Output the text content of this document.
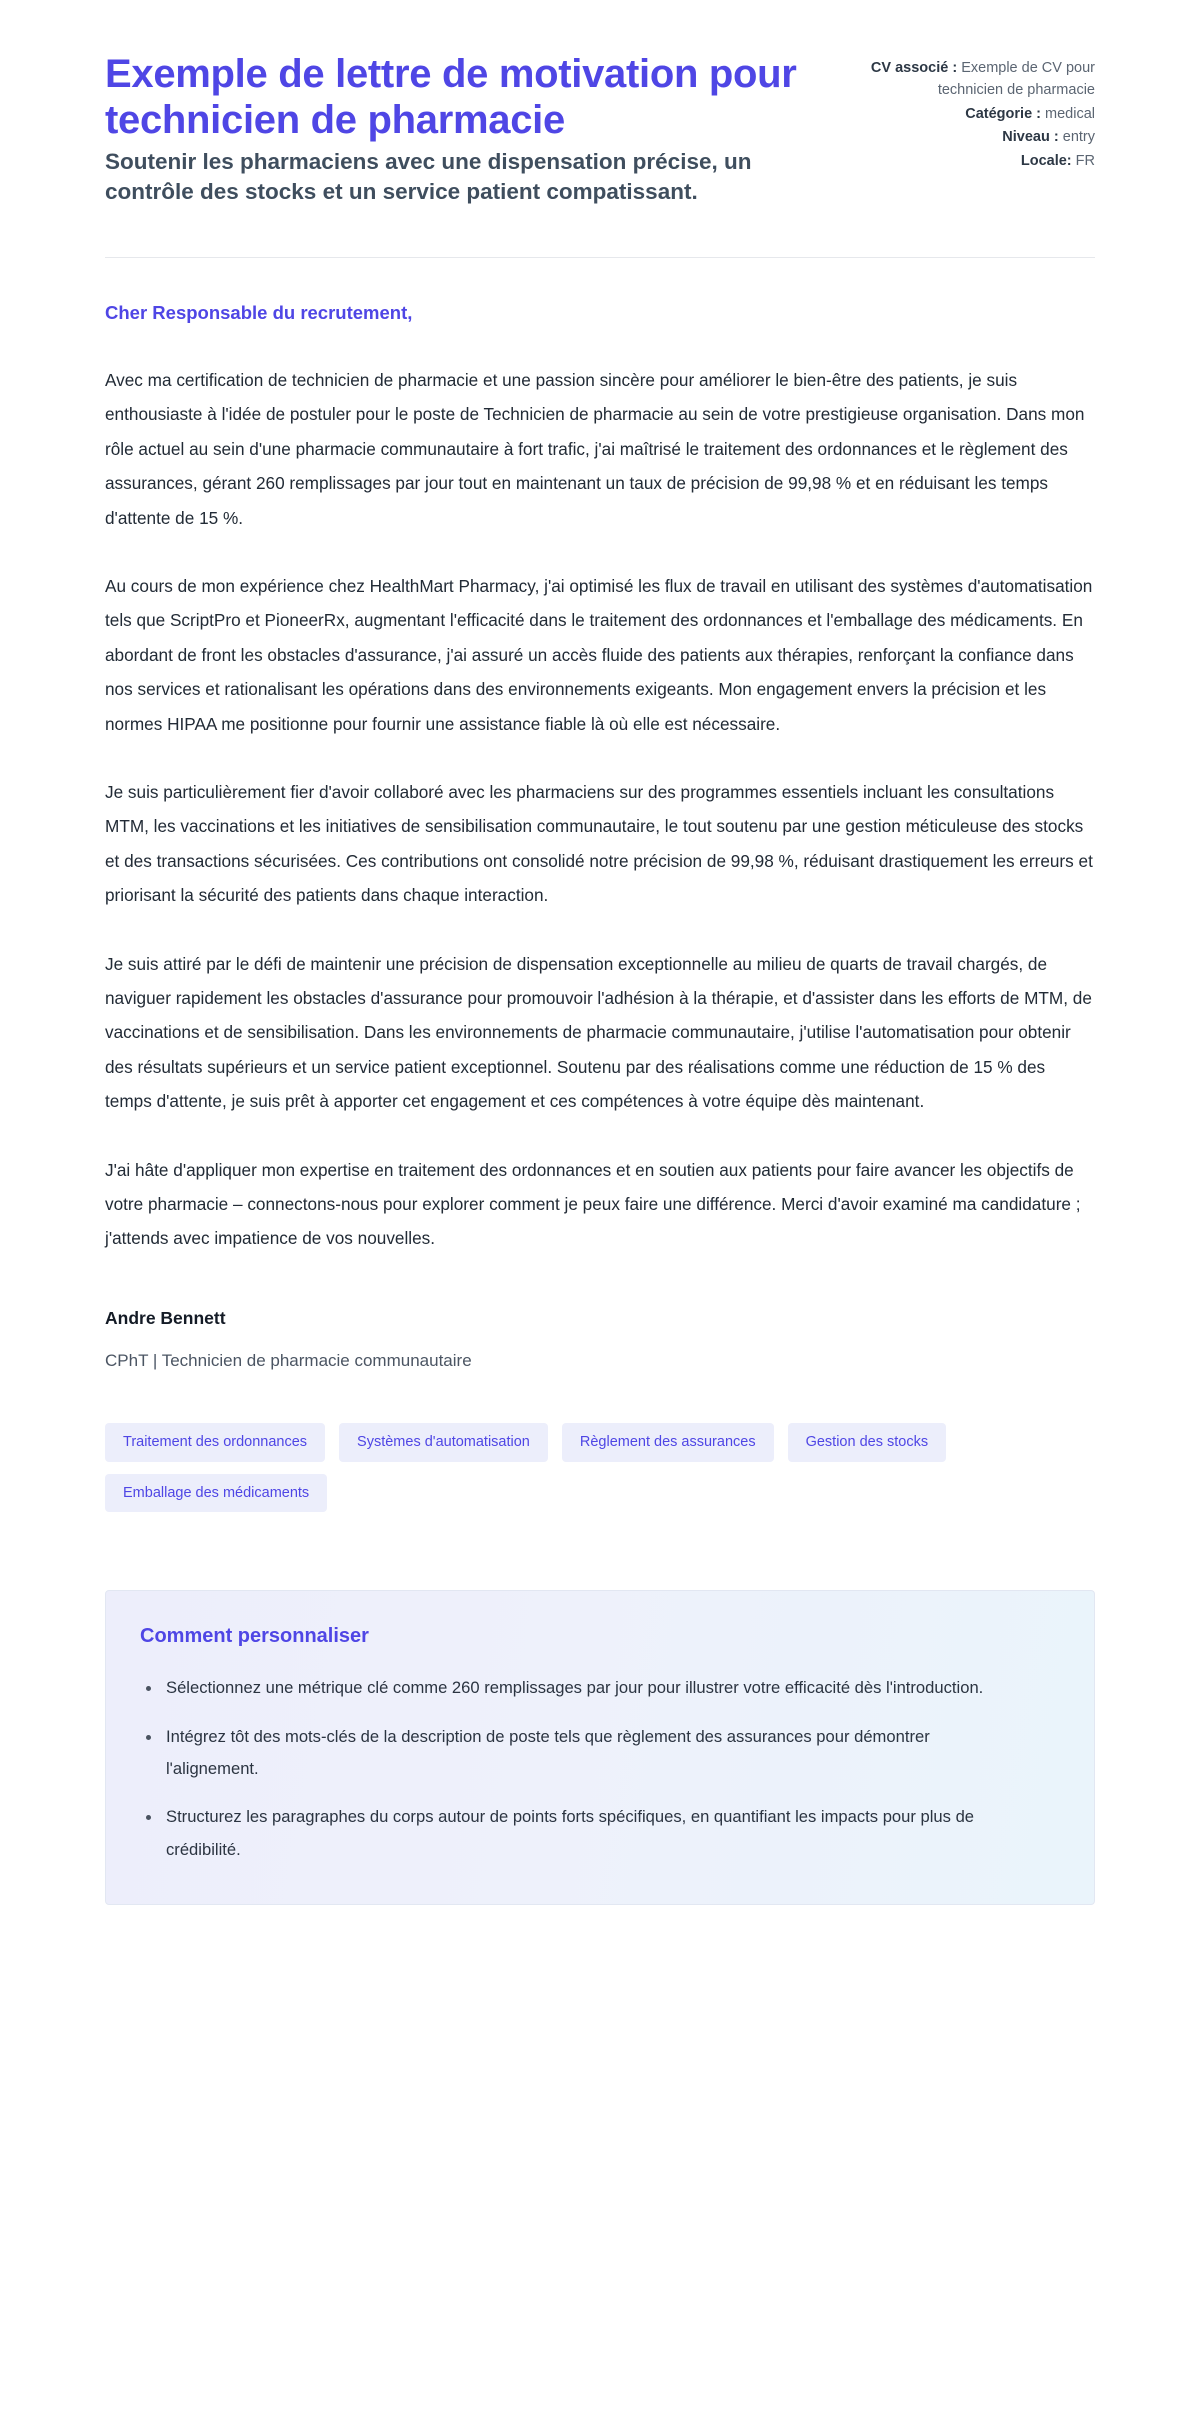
Exemple de lettre de motivation pour technicien de pharmacie

Soutenir les pharmaciens avec une dispensation précise, un contrôle des stocks et un service patient compatissant.

CV associé : Exemple de CV pour technicien de pharmacie
Catégorie : medical
Niveau : entry
Locale: FR

Cher Responsable du recrutement,

Avec ma certification de technicien de pharmacie et une passion sincère pour améliorer le bien-être des patients, je suis enthousiaste à l'idée de postuler pour le poste de Technicien de pharmacie au sein de votre prestigieuse organisation. Dans mon rôle actuel au sein d'une pharmacie communautaire à fort trafic, j'ai maîtrisé le traitement des ordonnances et le règlement des assurances, gérant 260 remplissages par jour tout en maintenant un taux de précision de 99,98 % et en réduisant les temps d'attente de 15 %.

Au cours de mon expérience chez HealthMart Pharmacy, j'ai optimisé les flux de travail en utilisant des systèmes d'automatisation tels que ScriptPro et PioneerRx, augmentant l'efficacité dans le traitement des ordonnances et l'emballage des médicaments. En abordant de front les obstacles d'assurance, j'ai assuré un accès fluide des patients aux thérapies, renforçant la confiance dans nos services et rationalisant les opérations dans des environnements exigeants. Mon engagement envers la précision et les normes HIPAA me positionne pour fournir une assistance fiable là où elle est nécessaire.

Je suis particulièrement fier d'avoir collaboré avec les pharmaciens sur des programmes essentiels incluant les consultations MTM, les vaccinations et les initiatives de sensibilisation communautaire, le tout soutenu par une gestion méticuleuse des stocks et des transactions sécurisées. Ces contributions ont consolidé notre précision de 99,98 %, réduisant drastiquement les erreurs et priorisant la sécurité des patients dans chaque interaction.

Je suis attiré par le défi de maintenir une précision de dispensation exceptionnelle au milieu de quarts de travail chargés, de naviguer rapidement les obstacles d'assurance pour promouvoir l'adhésion à la thérapie, et d'assister dans les efforts de MTM, de vaccinations et de sensibilisation. Dans les environnements de pharmacie communautaire, j'utilise l'automatisation pour obtenir des résultats supérieurs et un service patient exceptionnel. Soutenu par des réalisations comme une réduction de 15 % des temps d'attente, je suis prêt à apporter cet engagement et ces compétences à votre équipe dès maintenant.

J'ai hâte d'appliquer mon expertise en traitement des ordonnances et en soutien aux patients pour faire avancer les objectifs de votre pharmacie – connectons-nous pour explorer comment je peux faire une différence. Merci d'avoir examiné ma candidature ; j'attends avec impatience de vos nouvelles.

Andre Bennett

CPhT | Technicien de pharmacie communautaire

Traitement des ordonnances	Systèmes d'automatisation	Règlement des assurances	Gestion des stocks
Emballage des médicaments
Comment personnaliser
Sélectionnez une métrique clé comme 260 remplissages par jour pour illustrer votre efficacité dès l'introduction.
Intégrez tôt des mots-clés de la description de poste tels que règlement des assurances pour démontrer l'alignement.
Structurez les paragraphes du corps autour de points forts spécifiques, en quantifiant les impacts pour plus de crédibilité.
